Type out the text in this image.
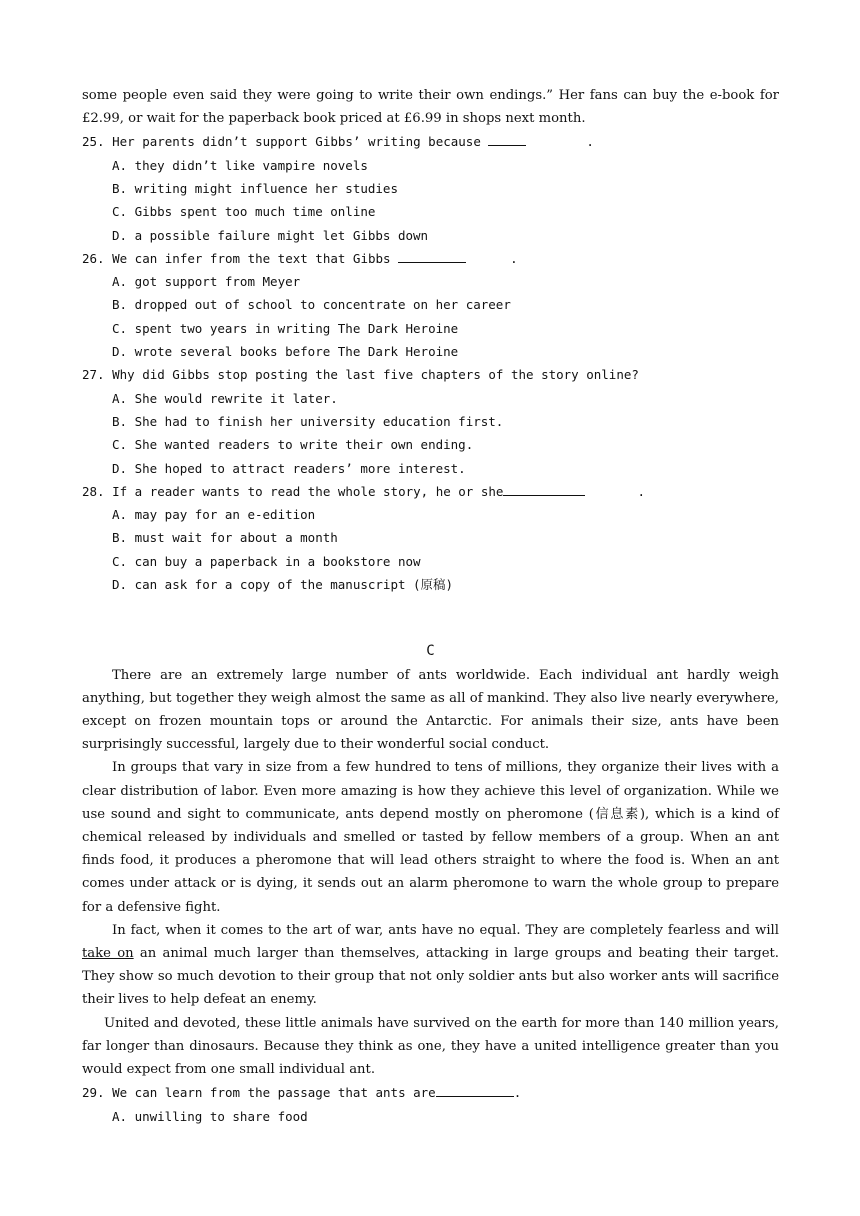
some people even said they were going to write their own endings.” Her fans can buy the e-book for £2.99, or wait for the paperback book priced at £6.99 in shops next month.
25. Her parents didn’t support Gibbs’ writing because	.
A. they didn’t like vampire novels
B. writing might influence her studies
C. Gibbs spent too much time online
D. a possible failure might let Gibbs down
26. We can infer from the text that Gibbs	.
A. got support from Meyer
B. dropped out of school to concentrate on her career
C. spent two years in writing The Dark Heroine
D. wrote several books before The Dark Heroine
27. Why did Gibbs stop posting the last five chapters of the story online?
A. She would rewrite it later.
B. She had to finish her university education first.
C. She wanted readers to write their own ending.
D. She hoped to attract readers’ more interest.
28. If a reader wants to read the whole story, he or she	.
A. may pay for an e-edition
B. must wait for about a month
C. can buy a paperback in a bookstore now
D. can ask for a copy of the manuscript (原稿)
C

There are an extremely large number of ants worldwide. Each individual ant hardly weigh anything, but together they weigh almost the same as all of mankind. They also live nearly everywhere, except on frozen mountain tops or around the Antarctic. For animals their size, ants have been surprisingly successful, largely due to their wonderful social conduct.

In groups that vary in size from a few hundred to tens of millions, they organize their lives with a clear distribution of labor. Even more amazing is how they achieve this level of organization. While we use sound and sight to communicate, ants depend mostly on pheromone (信息素), which is a kind of chemical released by individuals and smelled or tasted by fellow members of a group. When an ant finds food, it produces a pheromone that will lead others straight to where the food is. When an ant comes under attack or is dying, it sends out an alarm pheromone to warn the whole group to prepare for a defensive fight.

In fact, when it comes to the art of war, ants have no equal. They are completely fearless and will take on an animal much larger than themselves, attacking in large groups and beating their target. They show so much devotion to their group that not only soldier ants but also worker ants will sacrifice their lives to help defeat an enemy.

United and devoted, these little animals have survived on the earth for more than 140 million years, far longer than dinosaurs. Because they think as one, they have a united intelligence greater than you would expect from one small individual ant.

29. We can learn from the passage that ants are	.
A. unwilling to share food
